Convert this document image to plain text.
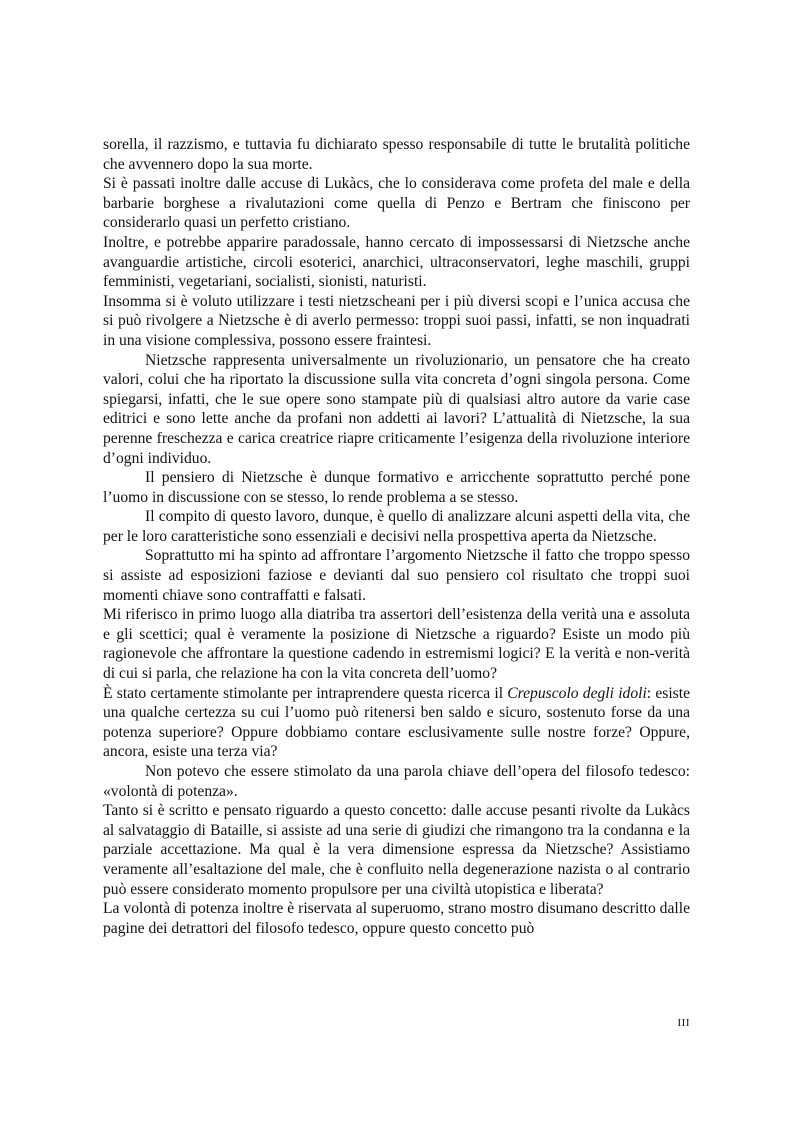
sorella, il razzismo, e tuttavia fu dichiarato spesso responsabile di tutte le brutalità politiche che avvennero dopo la sua morte.

Si è passati inoltre dalle accuse di Lukàcs, che lo considerava come profeta del male e della barbarie borghese a rivalutazioni come quella di Penzo e Bertram che finiscono per considerarlo quasi un perfetto cristiano.

Inoltre, e potrebbe apparire paradossale, hanno cercato di impossessarsi di Nietzsche anche avanguardie artistiche, circoli esoterici, anarchici, ultraconservatori, leghe maschili, gruppi femministi, vegetariani, socialisti, sionisti, naturisti.

Insomma si è voluto utilizzare i testi nietzscheani per i più diversi scopi e l’unica accusa che si può rivolgere a Nietzsche è di averlo permesso: troppi suoi passi, infatti, se non inquadrati in una visione complessiva, possono essere fraintesi.

Nietzsche rappresenta universalmente un rivoluzionario, un pensatore che ha creato valori, colui che ha riportato la discussione sulla vita concreta d’ogni singola persona. Come spiegarsi, infatti, che le sue opere sono stampate più di qualsiasi altro autore da varie case editrici e sono lette anche da profani non addetti ai lavori? L’attualità di Nietzsche, la sua perenne freschezza e carica creatrice riapre criticamente l’esigenza della rivoluzione interiore d’ogni individuo.

Il pensiero di Nietzsche è dunque formativo e arricchente soprattutto perché pone l’uomo in discussione con se stesso, lo rende problema a se stesso.

Il compito di questo lavoro, dunque, è quello di analizzare alcuni aspetti della vita, che per le loro caratteristiche sono essenziali e decisivi nella prospettiva aperta da Nietzsche.

Soprattutto mi ha spinto ad affrontare l’argomento Nietzsche il fatto che troppo spesso si assiste ad esposizioni faziose e devianti dal suo pensiero col risultato che troppi suoi momenti chiave sono contraffatti e falsati.

Mi riferisco in primo luogo alla diatriba tra assertori dell’esistenza della verità una e assoluta e gli scettici; qual è veramente la posizione di Nietzsche a riguardo? Esiste un modo più ragionevole che affrontare la questione cadendo in estremismi logici? E la verità e non-verità di cui si parla, che relazione ha con la vita concreta dell’uomo?

È stato certamente stimolante per intraprendere questa ricerca il Crepuscolo degli idoli: esiste una qualche certezza su cui l’uomo può ritenersi ben saldo e sicuro, sostenuto forse da una potenza superiore? Oppure dobbiamo contare esclusivamente sulle nostre forze? Oppure, ancora, esiste una terza via?

Non potevo che essere stimolato da una parola chiave dell’opera del filosofo tedesco: «volontà di potenza».

Tanto si è scritto e pensato riguardo a questo concetto: dalle accuse pesanti rivolte da Lukàcs al salvataggio di Bataille, si assiste ad una serie di giudizi che rimangono tra la condanna e la parziale accettazione. Ma qual è la vera dimensione espressa da Nietzsche? Assistiamo veramente all’esaltazione del male, che è confluito nella degenerazione nazista o al contrario può essere considerato momento propulsore per una civiltà utopistica e liberata?

La volontà di potenza inoltre è riservata al superuomo, strano mostro disumano descritto dalle pagine dei detrattori del filosofo tedesco, oppure questo concetto può

III
